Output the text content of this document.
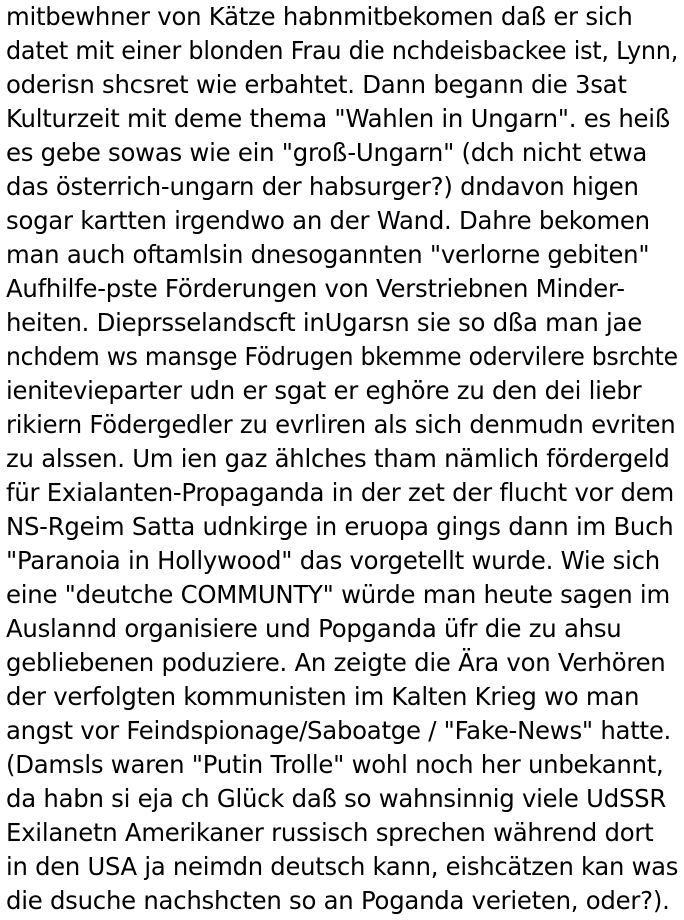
mitbewhner von Kätze habnmitbekomen daß er sich
datet mit einer blonden Frau die nchdeisbackee ist, Lynn,
oderisn shcsret wie erbahtet. Dann begann die 3sat
Kulturzeit mit deme thema "Wahlen in Ungarn". es heiß
es gebe sowas wie ein "groß-Ungarn" (dch nicht etwa
das österrich-ungarn der habsurger?) dndavon higen
sogar kartten irgendwo an der Wand. Dahre bekomen
man auch oftamlsin dnesogannten "verlorne gebiten"
Aufhilfe-pste Förderungen von Verstriebnen Minder-
heiten. Dieprsselandscft inUgarsn sie so dßa man jae
nchdem ws mansge Födrugen bkemme odervilere bsrchte
ienitevieparter udn er sgat er eghöre zu den dei liebr
rikiern Födergedler zu evrliren als sich denmudn evriten
zu alssen. Um ien gaz ählches tham nämlich fördergeld
für Exialanten-Propaganda in der zet der flucht vor dem
NS-Rgeim Satta udnkirge in eruopa gings dann im Buch
"Paranoia in Hollywood" das vorgetellt wurde. Wie sich
eine "deutche COMMUNTY" würde man heute sagen im
Auslannd organisiere und Popganda üfr die zu ahsu
gebliebenen poduziere. An zeigte die Ära von Verhören
der verfolgten kommunisten im Kalten Krieg wo man
angst vor Feindspionage/Saboatge / "Fake-News" hatte.
(Damsls waren "Putin Trolle" wohl noch her unbekannt,
da habn si eja ch Glück daß so wahnsinnig viele UdSSR
Exilanetn Amerikaner russisch sprechen während dort
in den USA ja neimdn deutsch kann, eishcätzen kan was
die dsuche nachshcten so an Poganda verieten, oder?).
